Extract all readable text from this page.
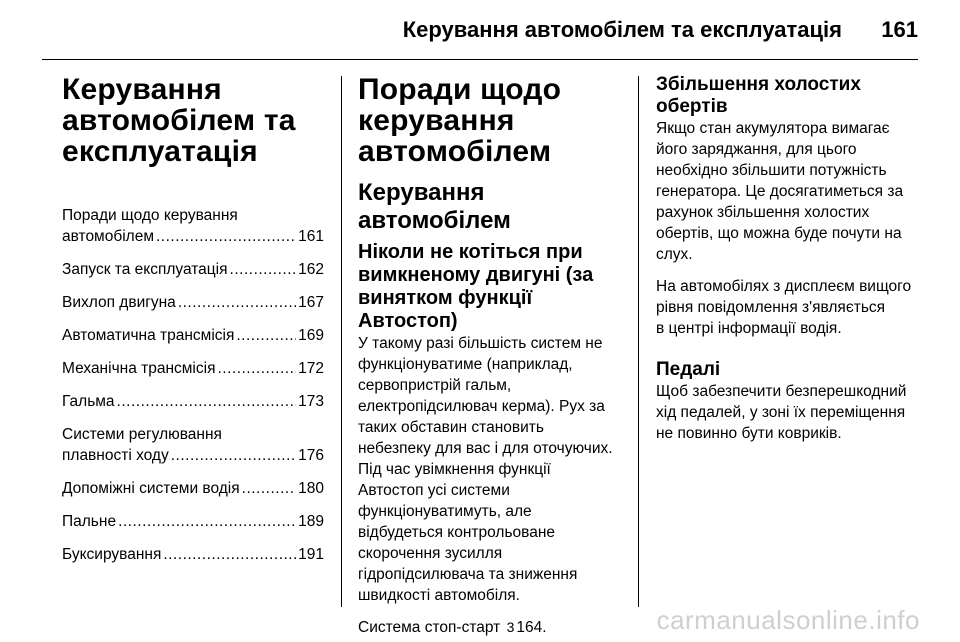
Керування автомобілем та експлуатація 161
Керування
автомобілем та
експлуатація
Поради щодо керування
автомобілем .....	161
Запуск та експлуатація .....	162
Вихлоп двигуна .....	167
Автоматична трансмісія .....	169
Механічна трансмісія .....	172
Гальма .....	173
Системи регулювання
плавності ходу .....	176
Допоміжні системи водія .....	180
Пальне .....	189
Буксирування .....	191
Поради щодо
керування
автомобілем
Керування автомобілем
Ніколи не котіться при
вимкненому двигуні (за
винятком функції Автостоп)
У такому разі більшість систем не
функціонуватиме (наприклад,
сервопристрій гальм,
електропідсилювач керма). Рух за
таких обставин становить
небезпеку для вас і для оточуючих.
Під час увімкнення функції
Автостоп усі системи
функціонуватимуть, але
відбудеться контрольоване
скорочення зусилля
гідропідсилювача та зниження
швидкості автомобіля.
Система стоп-старт 3 164.
Збільшення холостих обертів
Якщо стан акумулятора вимагає
його заряджання, для цього
необхідно збільшити потужність
генератора. Це досягатиметься за
рахунок збільшення холостих
обертів, що можна буде почути на
слух.
На автомобілях з дисплеєм вищого
рівня повідомлення з'являється
в центрі інформації водія.
Педалі
Щоб забезпечити безперешкодний
хід педалей, у зоні їх переміщення
не повинно бути ковриків.
carmanualsonline.info
